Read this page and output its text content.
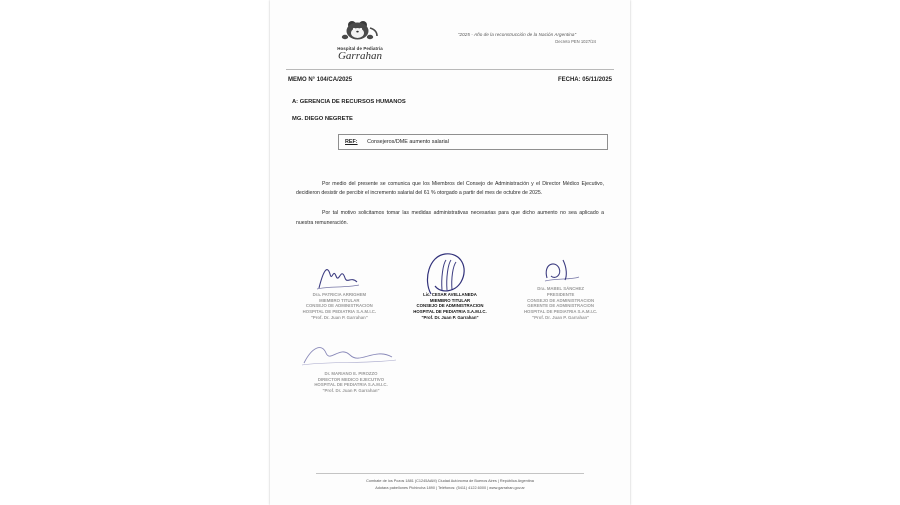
Hospital de Pediatría
Garrahan
"2025 - Año de la reconstrucción de la Nación Argentina"
Decreto PEN 1027/24
MEMO N° 104/CA/2025	FECHA: 05/11/2025
A: GERENCIA DE RECURSOS HUMANOS
MG. DIEGO NEGRETE
REF: Consejeros/DME aumento salarial
Por medio del presente se comunica que los Miembros del Consejo de Administración y el Director Médico Ejecutivo, decidieron desistir de percibir el incremento salarial del 61 % otorgado a partir del mes de octubre de 2025.
Por tal motivo solicitamos tomar las medidas administrativas necesarias para que dicho aumento no sea aplicado a nuestra remuneración.
Dra. PATRICIA ARRIGHEM
MIEMBRO TITULAR
CONSEJO DE ADMINISTRACION
HOSPITAL DE PEDIATRIA S.A.M.I.C.
"Prof. Dr. Juan P. Garrahan"
Lic. CESAR AVELLANEDA
MIEMBRO TITULAR
CONSEJO DE ADMINISTRACION
HOSPITAL DE PEDIATRIA S.A.M.I.C.
"Prof. Dr. Juan P. Garrahan"
Dra. MABEL SÁNCHEZ
PRESIDENTE
CONSEJO DE ADMINISTRACION
GERENTE DE ADMINISTRACION
HOSPITAL DE PEDIATRIA S.A.M.I.C.
"Prof. Dr. Juan P. Garrahan"
Dr. MARIANO E. PIROZZO
DIRECTOR MEDICO EJECUTIVO
HOSPITAL DE PEDIATRIA S.A.M.I.C.
"Prof. Dr. Juan P. Garrahan"
Combate de los Pozos 1881 (C1245AAM) Ciudad Autónoma de Buenos Aires | República Argentina
Adotara pabellones Pichincha 1890 | Teléfonos: (5411) 4122.6000 | www.garrahan.gov.ar
